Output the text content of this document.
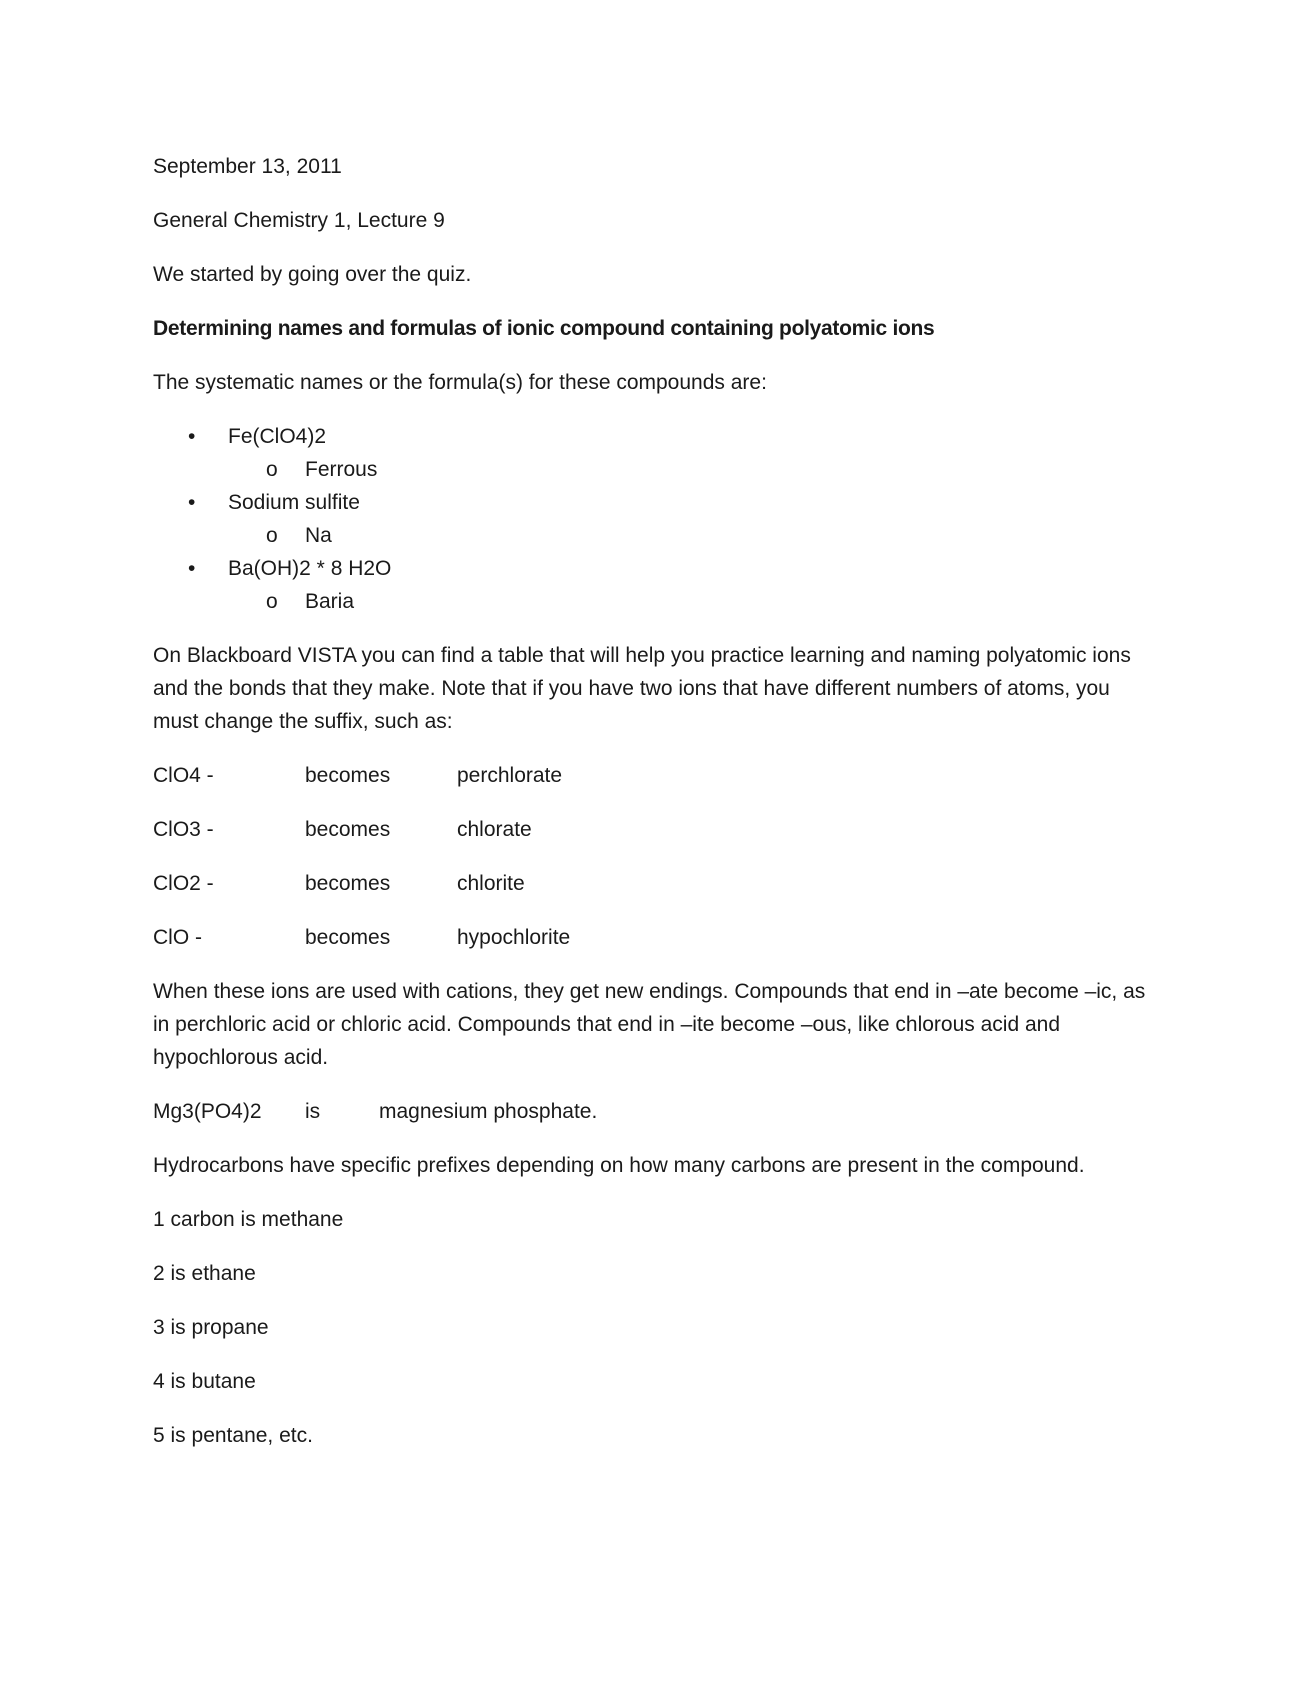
September 13, 2011

General Chemistry 1, Lecture 9

We started by going over the quiz.

Determining names and formulas of ionic compound containing polyatomic ions

The systematic names or the formula(s) for these compounds are:

• Fe(ClO4)2
o Ferrous
• Sodium sulfite
o Na
• Ba(OH)2 * 8 H2O
o Baria

On Blackboard VISTA you can find a table that will help you practice learning and naming polyatomic ions and the bonds that they make. Note that if you have two ions that have different numbers of atoms, you must change the suffix, such as:

ClO4 -	becomes	perchlorate
ClO3 -	becomes	chlorate
ClO2 -	becomes	chlorite
ClO -	becomes	hypochlorite

When these ions are used with cations, they get new endings. Compounds that end in –ate become –ic, as in perchloric acid or chloric acid. Compounds that end in –ite become –ous, like chlorous acid and hypochlorous acid.

Mg3(PO4)2	is	magnesium phosphate.

Hydrocarbons have specific prefixes depending on how many carbons are present in the compound.

1 carbon is methane

2 is ethane

3 is propane

4 is butane

5 is pentane, etc.
